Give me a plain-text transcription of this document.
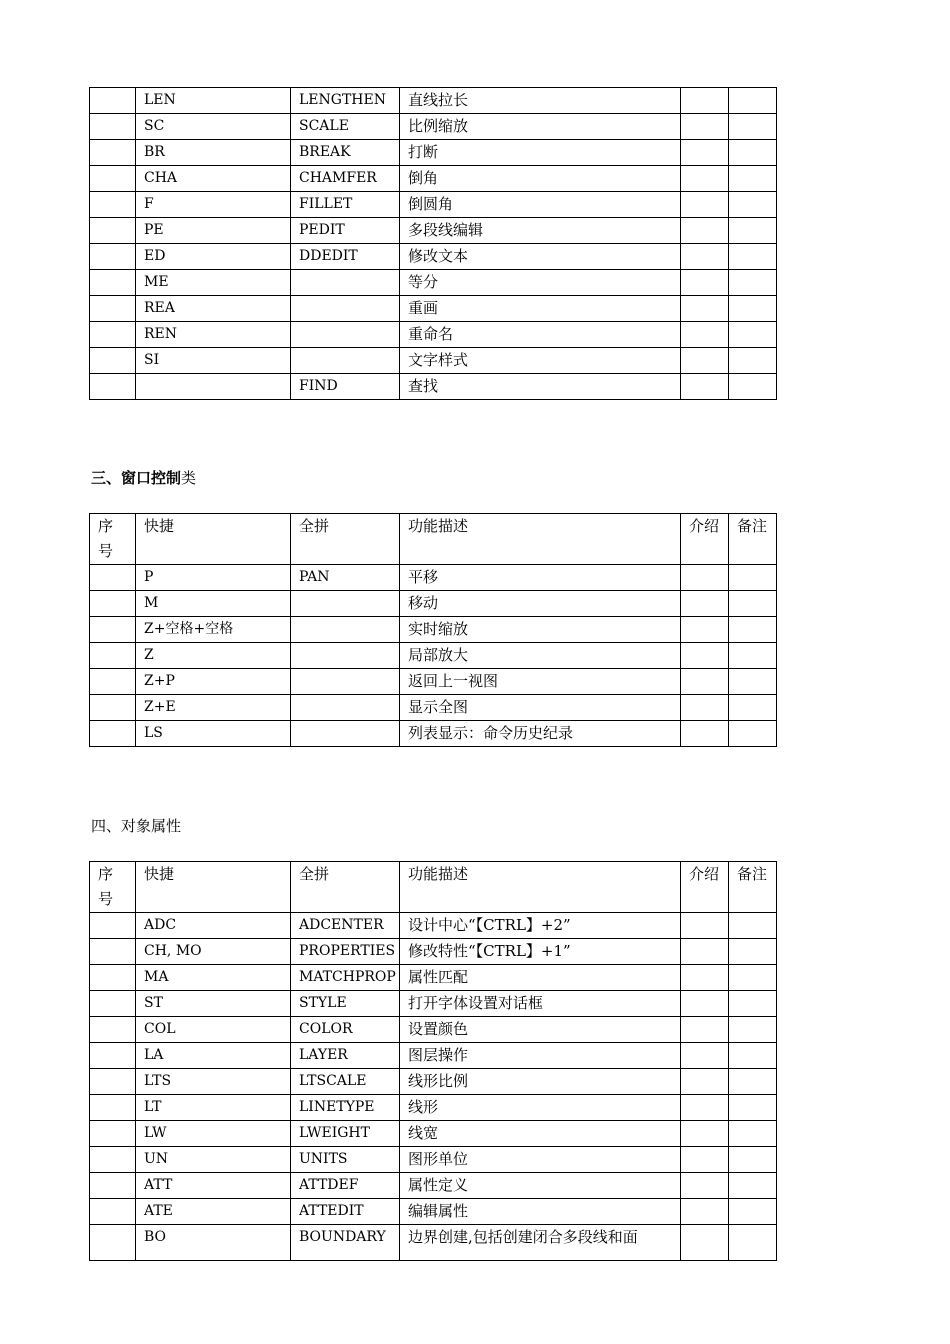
	LEN	LENGTHEN	直线拉长		
	SC	SCALE	比例缩放		
	BR	BREAK	打断		
	CHA	CHAMFER	倒角		
	F	FILLET	倒圆角		
	PE	PEDIT	多段线编辑		
	ED	DDEDIT	修改文本		
	ME		等分		
	REA		重画		
	REN		重命名		
	SI		文字样式		
		FIND	查找		
三、窗口控制类
序号	快捷	全拼	功能描述	介绍	备注
	P	PAN	平移		
	M		移动		
	Z+空格+空格		实时缩放		
	Z		局部放大		
	Z+P		返回上一视图		
	Z+E		显示全图		
	LS		列表显示：命令历史纪录		
四、对象属性
序号	快捷	全拼	功能描述	介绍	备注
	ADC	ADCENTER	设计中心“【CTRL】+2”		
	CH, MO	PROPERTIES	修改特性“【CTRL】+1”		
	MA	MATCHPROP	属性匹配		
	ST	STYLE	打开字体设置对话框		
	COL	COLOR	设置颜色		
	LA	LAYER	图层操作		
	LTS	LTSCALE	线形比例		
	LT	LINETYPE	线形		
	LW	LWEIGHT	线宽		
	UN	UNITS	图形单位		
	ATT	ATTDEF	属性定义		
	ATE	ATTEDIT	编辑属性		
	BO	BOUNDARY	边界创建,包括创建闭合多段线和面		
